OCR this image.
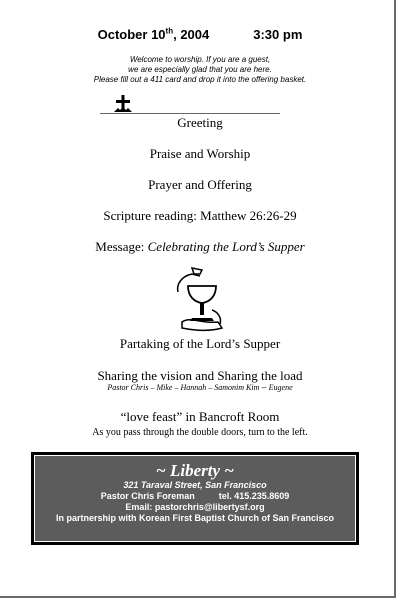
October 10th, 2004	3:30 pm
Welcome to worship. If you are a guest,
we are especially glad that you are here.
Please fill out a 411 card and drop it into the offering basket.
Greeting
Praise and Worship
Prayer and Offering
Scripture reading: Matthew 26:26-29
Message: Celebrating the Lord’s Supper
Partaking of the Lord’s Supper
Sharing the vision and Sharing the load
Pastor Chris – Mike – Hannah – Samonim Kim -- Eugene
“love feast” in Bancroft Room
As you pass through the double doors, turn to the left.
~ Liberty ~
321 Taraval Street, San Francisco
Pastor Chris Foreman	tel. 415.235.8609
Email: pastorchris@libertysf.org
In partnership with Korean First Baptist Church of San Francisco
